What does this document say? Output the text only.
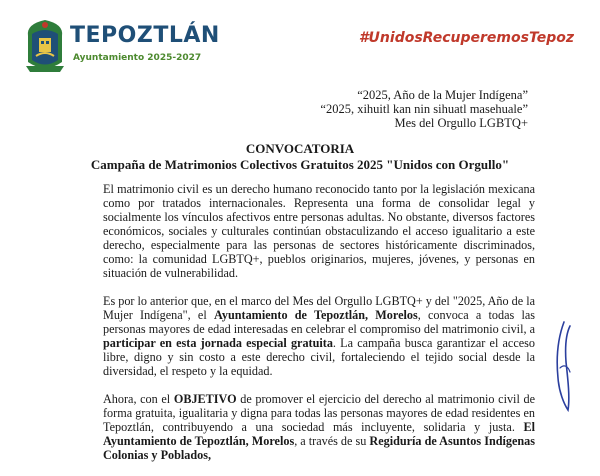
TEPOZTLÁN
Ayuntamiento 2025-2027
#UnidosRecuperemosTepoz
“2025, Año de la Mujer Indígena”
“2025, xihuitl kan nin sihuatl masehuale”
Mes del Orgullo LGBTQ+
CONVOCATORIA
Campaña de Matrimonios Colectivos Gratuitos 2025 "Unidos con Orgullo"

El matrimonio civil es un derecho humano reconocido tanto por la legislación mexicana como por tratados internacionales. Representa una forma de consolidar legal y socialmente los vínculos afectivos entre personas adultas. No obstante, diversos factores económicos, sociales y culturales continúan obstaculizando el acceso igualitario a este derecho, especialmente para las personas de sectores históricamente discriminados, como: la comunidad LGBTQ+, pueblos originarios, mujeres, jóvenes, y personas en situación de vulnerabilidad.

Es por lo anterior que, en el marco del Mes del Orgullo LGBTQ+ y del "2025, Año de la Mujer Indígena", el Ayuntamiento de Tepoztlán, Morelos, convoca a todas las personas mayores de edad interesadas en celebrar el compromiso del matrimonio civil, a participar en esta jornada especial gratuita. La campaña busca garantizar el acceso libre, digno y sin costo a este derecho civil, fortaleciendo el tejido social desde la diversidad, el respeto y la equidad.

Ahora, con el OBJETIVO de promover el ejercicio del derecho al matrimonio civil de forma gratuita, igualitaria y digna para todas las personas mayores de edad residentes en Tepoztlán, contribuyendo a una sociedad más incluyente, solidaria y justa. El Ayuntamiento de Tepoztlán, Morelos, a través de su Regiduría de Asuntos Indígenas Colonias y Poblados,
